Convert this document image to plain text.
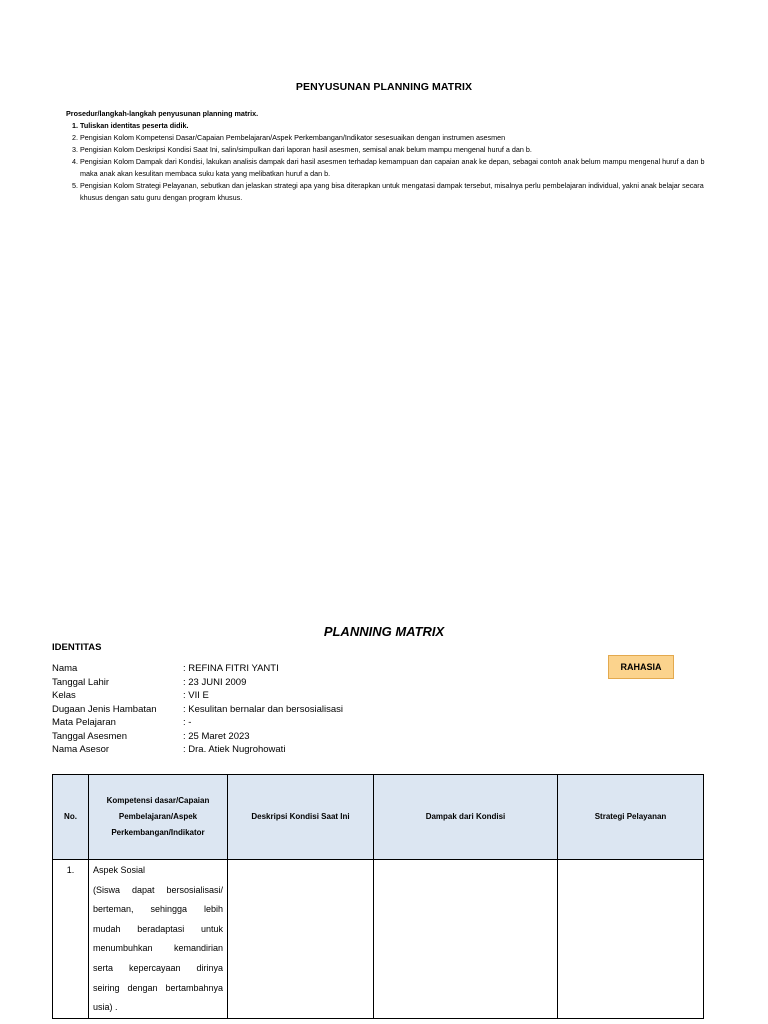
PENYUSUNAN PLANNING MATRIX
Prosedur/langkah-langkah penyusunan planning matrix.
1. Tuliskan identitas peserta didik.
2. Pengisian Kolom Kompetensi Dasar/Capaian Pembelajaran/Aspek Perkembangan/Indikator sesesuaikan dengan instrumen asesmen
3. Pengisian Kolom Deskripsi Kondisi Saat Ini, salin/simpulkan dari laporan hasil asesmen, semisal anak belum mampu mengenal huruf a dan b.
4. Pengisian Kolom Dampak dari Kondisi, lakukan analisis dampak dari hasil asesmen terhadap kemampuan dan capaian anak ke depan, sebagai contoh anak belum mampu mengenal huruf a dan b maka anak akan kesulitan membaca suku kata yang melibatkan huruf a dan b.
5. Pengisian Kolom Strategi Pelayanan, sebutkan dan jelaskan strategi apa yang bisa diterapkan untuk mengatasi dampak tersebut, misalnya perlu pembelajaran individual, yakni anak belajar secara khusus dengan satu guru dengan program khusus.
PLANNING MATRIX
IDENTITAS
RAHASIA
Nama	: REFINA FITRI YANTI
Tanggal Lahir	: 23 JUNI 2009
Kelas	: VII E
Dugaan Jenis Hambatan	: Kesulitan bernalar dan bersosialisasi
Mata Pelajaran	: -
Tanggal Asesmen	: 25 Maret 2023
Nama Asesor	: Dra. Atiek Nugrohowati
No.	Kompetensi dasar/Capaian Pembelajaran/Aspek Perkembangan/Indikator	Deskripsi Kondisi Saat Ini	Dampak dari Kondisi	Strategi Pelayanan
1.	Aspek Sosial
(Siswa dapat bersosialisasi/ berteman, sehingga lebih mudah beradaptasi untuk menumbuhkan kemandirian serta kepercayaan dirinya seiring dengan bertambahnya usia) .			
